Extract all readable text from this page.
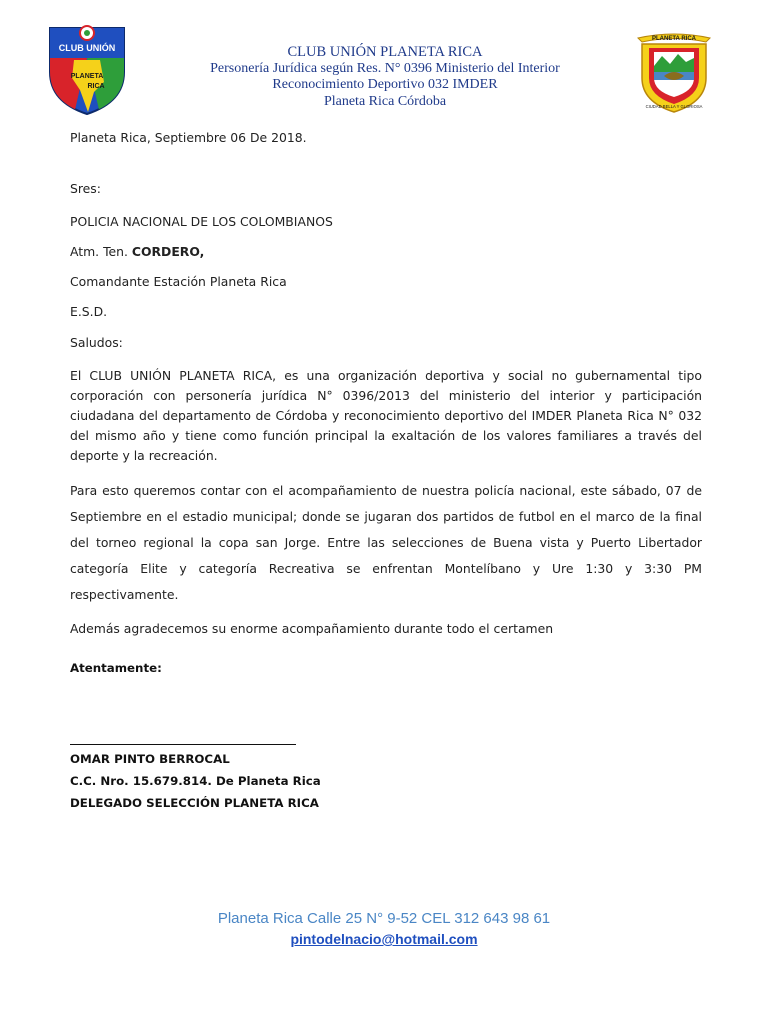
CLUB UNIÓN
PLANETA
RICA
CLUB UNIÓN PLANETA RICA
Personería Jurídica según Res. N° 0396 Ministerio del Interior
Reconocimiento Deportivo 032 IMDER
Planeta Rica Córdoba
PLANETA RICA
CIUDAD BELLA Y GLORIOSA
Planeta Rica, Septiembre 06 De 2018.
Sres:
POLICIA NACIONAL DE LOS COLOMBIANOS
Atm. Ten. CORDERO,
Comandante Estación Planeta Rica
E.S.D.
Saludos:
El CLUB UNIÓN PLANETA RICA, es una organización deportiva y social no gubernamental tipo corporación con personería jurídica N° 0396/2013 del ministerio del interior y participación ciudadana del departamento de Córdoba y reconocimiento deportivo del IMDER Planeta Rica N° 032 del mismo año y tiene como función principal la exaltación de los valores familiares a través del deporte y la recreación.
Para esto queremos contar con el acompañamiento de nuestra policía nacional, este sábado, 07 de Septiembre en el estadio municipal; donde se jugaran dos partidos de futbol en el marco de la final del torneo regional la copa san Jorge. Entre las selecciones de Buena vista y Puerto Libertador categoría Elite y categoría Recreativa se enfrentan Montelíbano y Ure 1:30 y 3:30 PM respectivamente.
Además agradecemos su enorme acompañamiento durante todo el certamen
Atentamente:
OMAR PINTO BERROCAL
C.C. Nro. 15.679.814. De Planeta Rica
DELEGADO SELECCIÓN PLANETA RICA
Planeta Rica Calle 25 N° 9-52 CEL 312 643 98 61
pintodelnacio@hotmail.com
